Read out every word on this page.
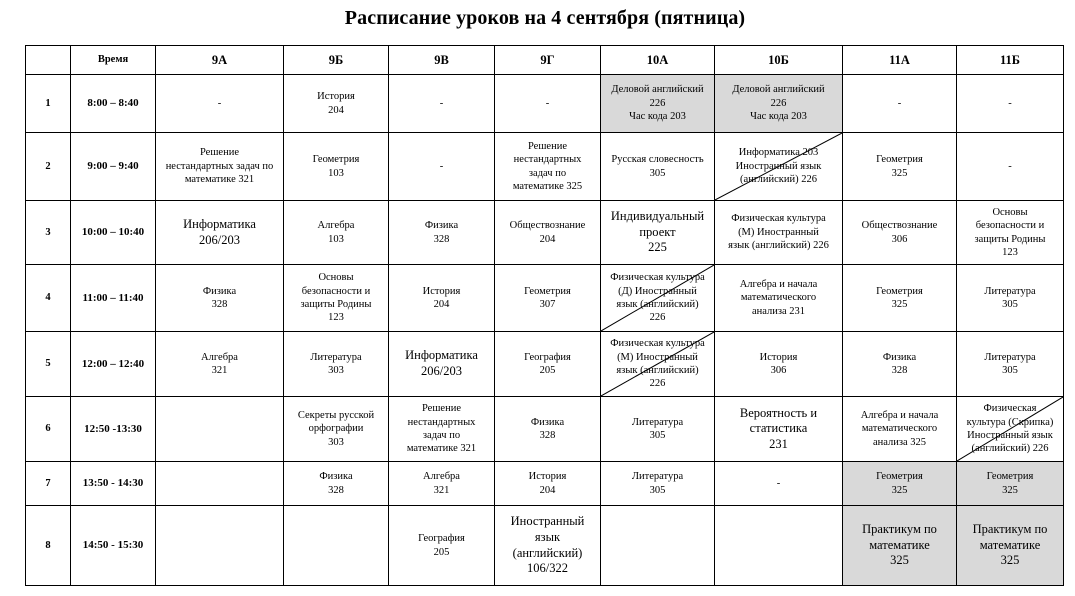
Расписание уроков на 4 сентября (пятница)
	Время	9А	9Б	9В	9Г	10А	10Б	11А	11Б
1	8:00 – 8:40	-	История
204	-	-	Деловой английский
226
Час кода 203	Деловой английский
226
Час кода 203	-	-

2	9:00 – 9:40	Решение
нестандартных задач по
математике 321	Геометрия
103	-	Решение
нестандартных
задач по
математике 325	Русская словесность
305	Информатика 203
Иностранный язык
(английский) 226	Геометрия
325	-

3	10:00 – 10:40	Информатика
206/203	Алгебра
103	Физика
328	Обществознание
204	Индивидуальный
проект
225	Физическая культура
(М) Иностранный
язык (английский) 226	Обществознание
306	Основы
безопасности и
защиты Родины
123

4	11:00 – 11:40	Физика
328	Основы
безопасности и
защиты Родины
123	История
204	Геометрия
307	Физическая культура
(Д) Иностранный
язык (английский)
226	Алгебра и начала
математического
анализа 231	Геометрия
325	Литература
305

5	12:00 – 12:40	Алгебра
321	Литература
303	Информатика
206/203	География
205	Физическая культура
(М) Иностранный
язык (английский)
226	История
306	Физика
328	Литература
305

6	12:50 -13:30		Секреты русской
орфографии
303	Решение
нестандартных
задач по
математике 321	Физика
328	Литература
305	Вероятность и
статистика
231	Алгебра и начала
математического
анализа 325	Физическая
культура (Скрипка)
Иностранный язык
(английский) 226

7	13:50 - 14:30		Физика
328	Алгебра
321	История
204	Литература
305	-	Геометрия
325	Геометрия
325

8	14:50 - 15:30			География
205	Иностранный
язык
(английский)
106/322			Практикум по
математике
325	Практикум по
математике
325
